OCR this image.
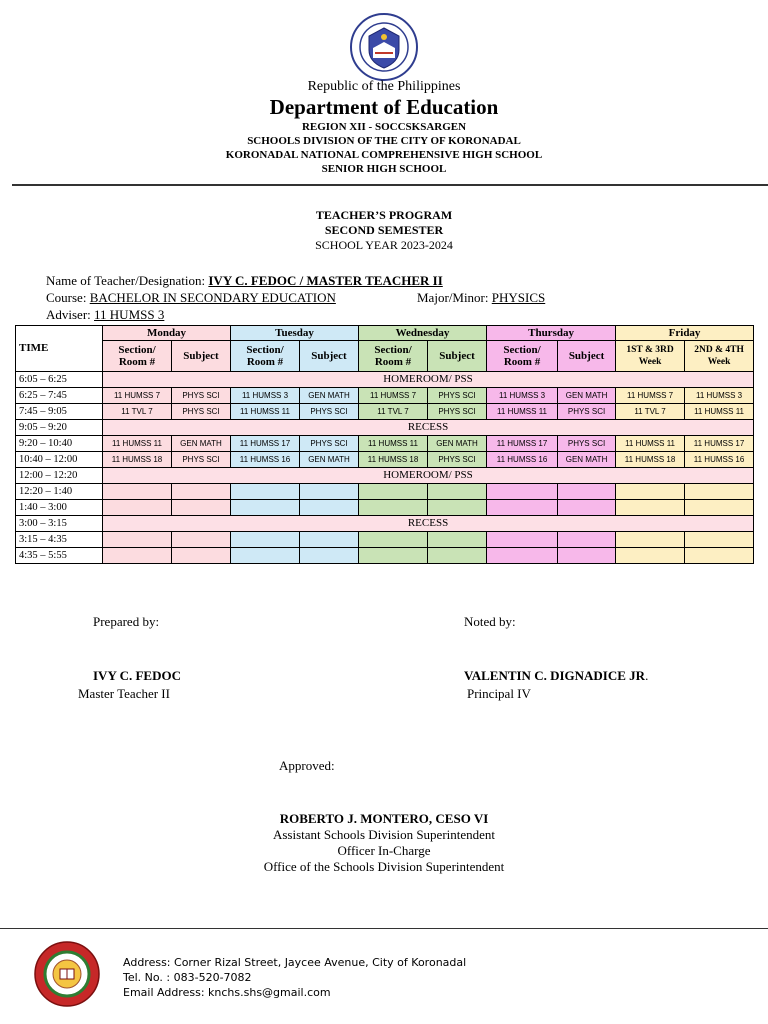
Republic of the Philippines
Department of Education
REGION XII - SOCCSKSARGEN
SCHOOLS DIVISION OF THE CITY OF KORONADAL
KORONADAL NATIONAL COMPREHENSIVE HIGH SCHOOL
SENIOR HIGH SCHOOL
TEACHER’S PROGRAM
SECOND SEMESTER
SCHOOL YEAR 2023-2024
Name of Teacher/Designation: IVY C. FEDOC / MASTER TEACHER II
Course: BACHELOR IN SECONDARY EDUCATION	Major/Minor: PHYSICS
Adviser: 11 HUMSS 3
TIME	Monday		Tuesday		Wednesday		Thursday		Friday	
	Section/ Room #	Subject	Section/ Room #	Subject	Section/ Room #	Subject	Section/ Room #	Subject	1ST & 3RD Week	2ND & 4TH Week
6:05 – 6:25	HOMEROOM/ PSS									
6:25 – 7:45	11 HUMSS 7	PHYS SCI	11 HUMSS 3	GEN MATH	11 HUMSS 7	PHYS SCI	11 HUMSS 3	GEN MATH	11 HUMSS 7	11 HUMSS 3
7:45 – 9:05	11 TVL 7	PHYS SCI	11 HUMSS 11	PHYS SCI	11 TVL 7	PHYS SCI	11 HUMSS 11	PHYS SCI	11 TVL 7	11 HUMSS 11
9:05 – 9:20	RECESS									
9:20 – 10:40	11 HUMSS 11	GEN MATH	11 HUMSS 17	PHYS SCI	11 HUMSS 11	GEN MATH	11 HUMSS 17	PHYS SCI	11 HUMSS 11	11 HUMSS 17
10:40 – 12:00	11 HUMSS 18	PHYS SCI	11 HUMSS 16	GEN MATH	11 HUMSS 18	PHYS SCI	11 HUMSS 16	GEN MATH	11 HUMSS 18	11 HUMSS 16
12:00 – 12:20	HOMEROOM/ PSS									
12:20 – 1:40										
1:40 – 3:00										
3:00 – 3:15	RECESS									
3:15 – 4:35										
4:35 – 5:55										
Prepared by:	Noted by:
IVY C. FEDOC
Master Teacher II
VALENTIN C. DIGNADICE JR.
Principal IV
Approved:
ROBERTO J. MONTERO, CESO VI
Assistant Schools Division Superintendent
Officer In-Charge
Office of the Schools Division Superintendent
Address: Corner Rizal Street, Jaycee Avenue, City of Koronadal
Tel. No. : 083-520-7082
Email Address: knchs.shs@gmail.com
